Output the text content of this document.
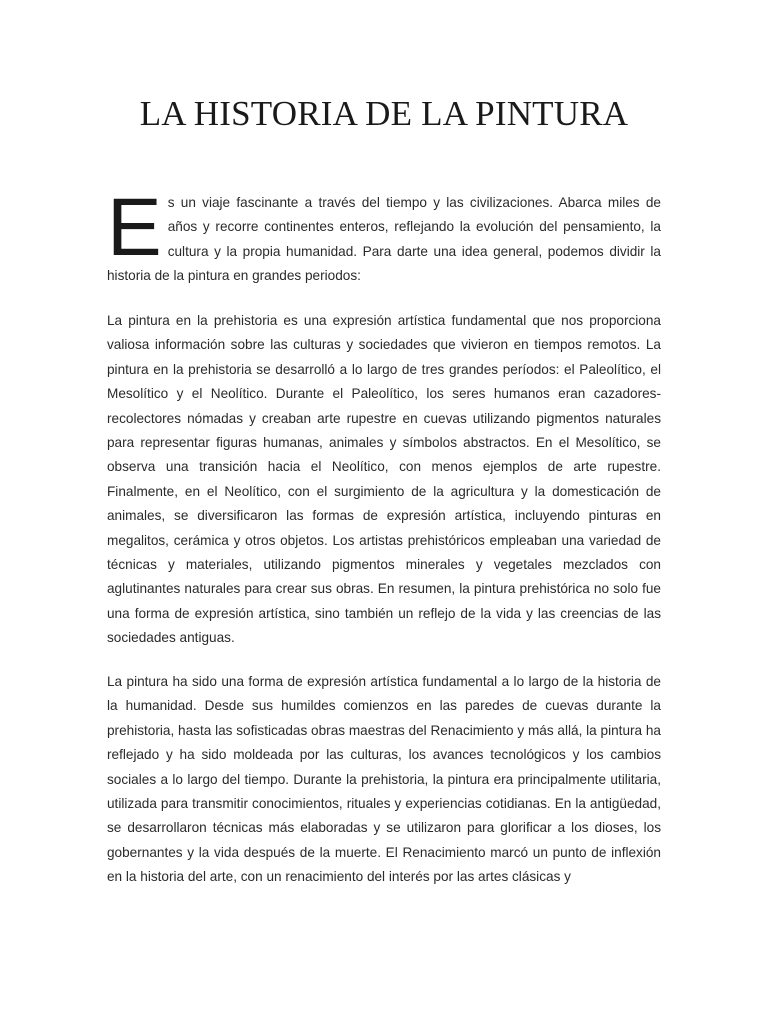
LA HISTORIA DE LA PINTURA

Es un viaje fascinante a través del tiempo y las civilizaciones. Abarca miles de años y recorre continentes enteros, reflejando la evolución del pensamiento, la cultura y la propia humanidad. Para darte una idea general, podemos dividir la historia de la pintura en grandes periodos:

La pintura en la prehistoria es una expresión artística fundamental que nos proporciona valiosa información sobre las culturas y sociedades que vivieron en tiempos remotos. La pintura en la prehistoria se desarrolló a lo largo de tres grandes períodos: el Paleolítico, el Mesolítico y el Neolítico. Durante el Paleolítico, los seres humanos eran cazadores-recolectores nómadas y creaban arte rupestre en cuevas utilizando pigmentos naturales para representar figuras humanas, animales y símbolos abstractos. En el Mesolítico, se observa una transición hacia el Neolítico, con menos ejemplos de arte rupestre. Finalmente, en el Neolítico, con el surgimiento de la agricultura y la domesticación de animales, se diversificaron las formas de expresión artística, incluyendo pinturas en megalitos, cerámica y otros objetos. Los artistas prehistóricos empleaban una variedad de técnicas y materiales, utilizando pigmentos minerales y vegetales mezclados con aglutinantes naturales para crear sus obras. En resumen, la pintura prehistórica no solo fue una forma de expresión artística, sino también un reflejo de la vida y las creencias de las sociedades antiguas.

La pintura ha sido una forma de expresión artística fundamental a lo largo de la historia de la humanidad. Desde sus humildes comienzos en las paredes de cuevas durante la prehistoria, hasta las sofisticadas obras maestras del Renacimiento y más allá, la pintura ha reflejado y ha sido moldeada por las culturas, los avances tecnológicos y los cambios sociales a lo largo del tiempo. Durante la prehistoria, la pintura era principalmente utilitaria, utilizada para transmitir conocimientos, rituales y experiencias cotidianas. En la antigüedad, se desarrollaron técnicas más elaboradas y se utilizaron para glorificar a los dioses, los gobernantes y la vida después de la muerte. El Renacimiento marcó un punto de inflexión en la historia del arte, con un renacimiento del interés por las artes clásicas y
